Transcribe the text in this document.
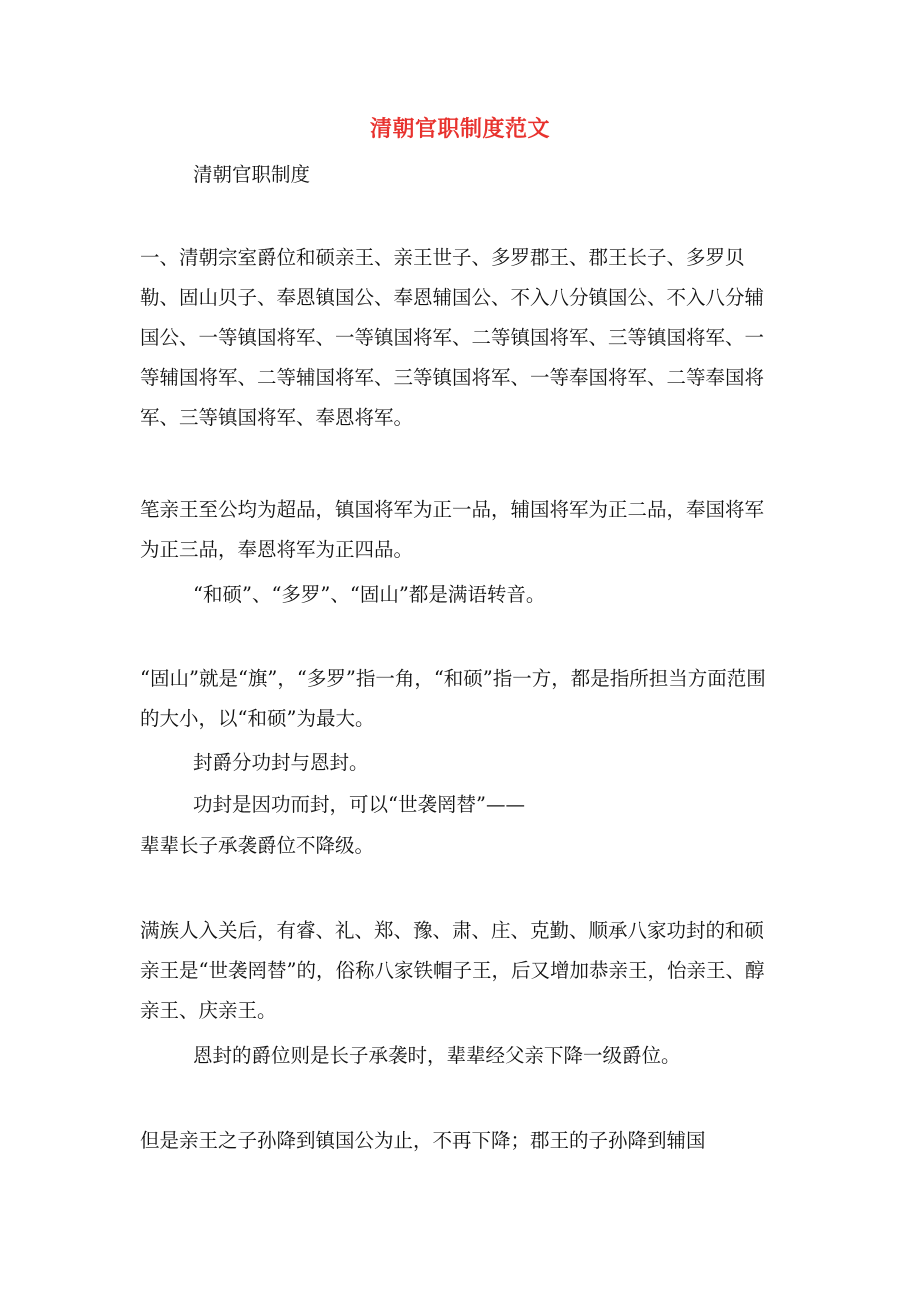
清朝官职制度范文

清朝官职制度

一、清朝宗室爵位和硕亲王、亲王世子、多罗郡王、郡王长子、多罗贝勒、固山贝子、奉恩镇国公、奉恩辅国公、不入八分镇国公、不入八分辅国公、一等镇国将军、一等镇国将军、二等镇国将军、三等镇国将军、一等辅国将军、二等辅国将军、三等镇国将军、一等奉国将军、二等奉国将军、三等镇国将军、奉恩将军。

笔亲王至公均为超品，镇国将军为正一品，辅国将军为正二品，奉国将军为正三品，奉恩将军为正四品。

“和硕”、“多罗”、“固山”都是满语转音。

“固山”就是“旗”，“多罗”指一角，“和硕”指一方，都是指所担当方面范围的大小，以“和硕”为最大。

封爵分功封与恩封。

功封是因功而封，可以“世袭罔替”——

辈辈长子承袭爵位不降级。

满族人入关后，有睿、礼、郑、豫、肃、庄、克勤、顺承八家功封的和硕亲王是“世袭罔替”的，俗称八家铁帽子王，后又增加恭亲王，怡亲王、醇亲王、庆亲王。

恩封的爵位则是长子承袭时，辈辈经父亲下降一级爵位。

但是亲王之子孙降到镇国公为止，不再下降；郡王的子孙降到辅国
